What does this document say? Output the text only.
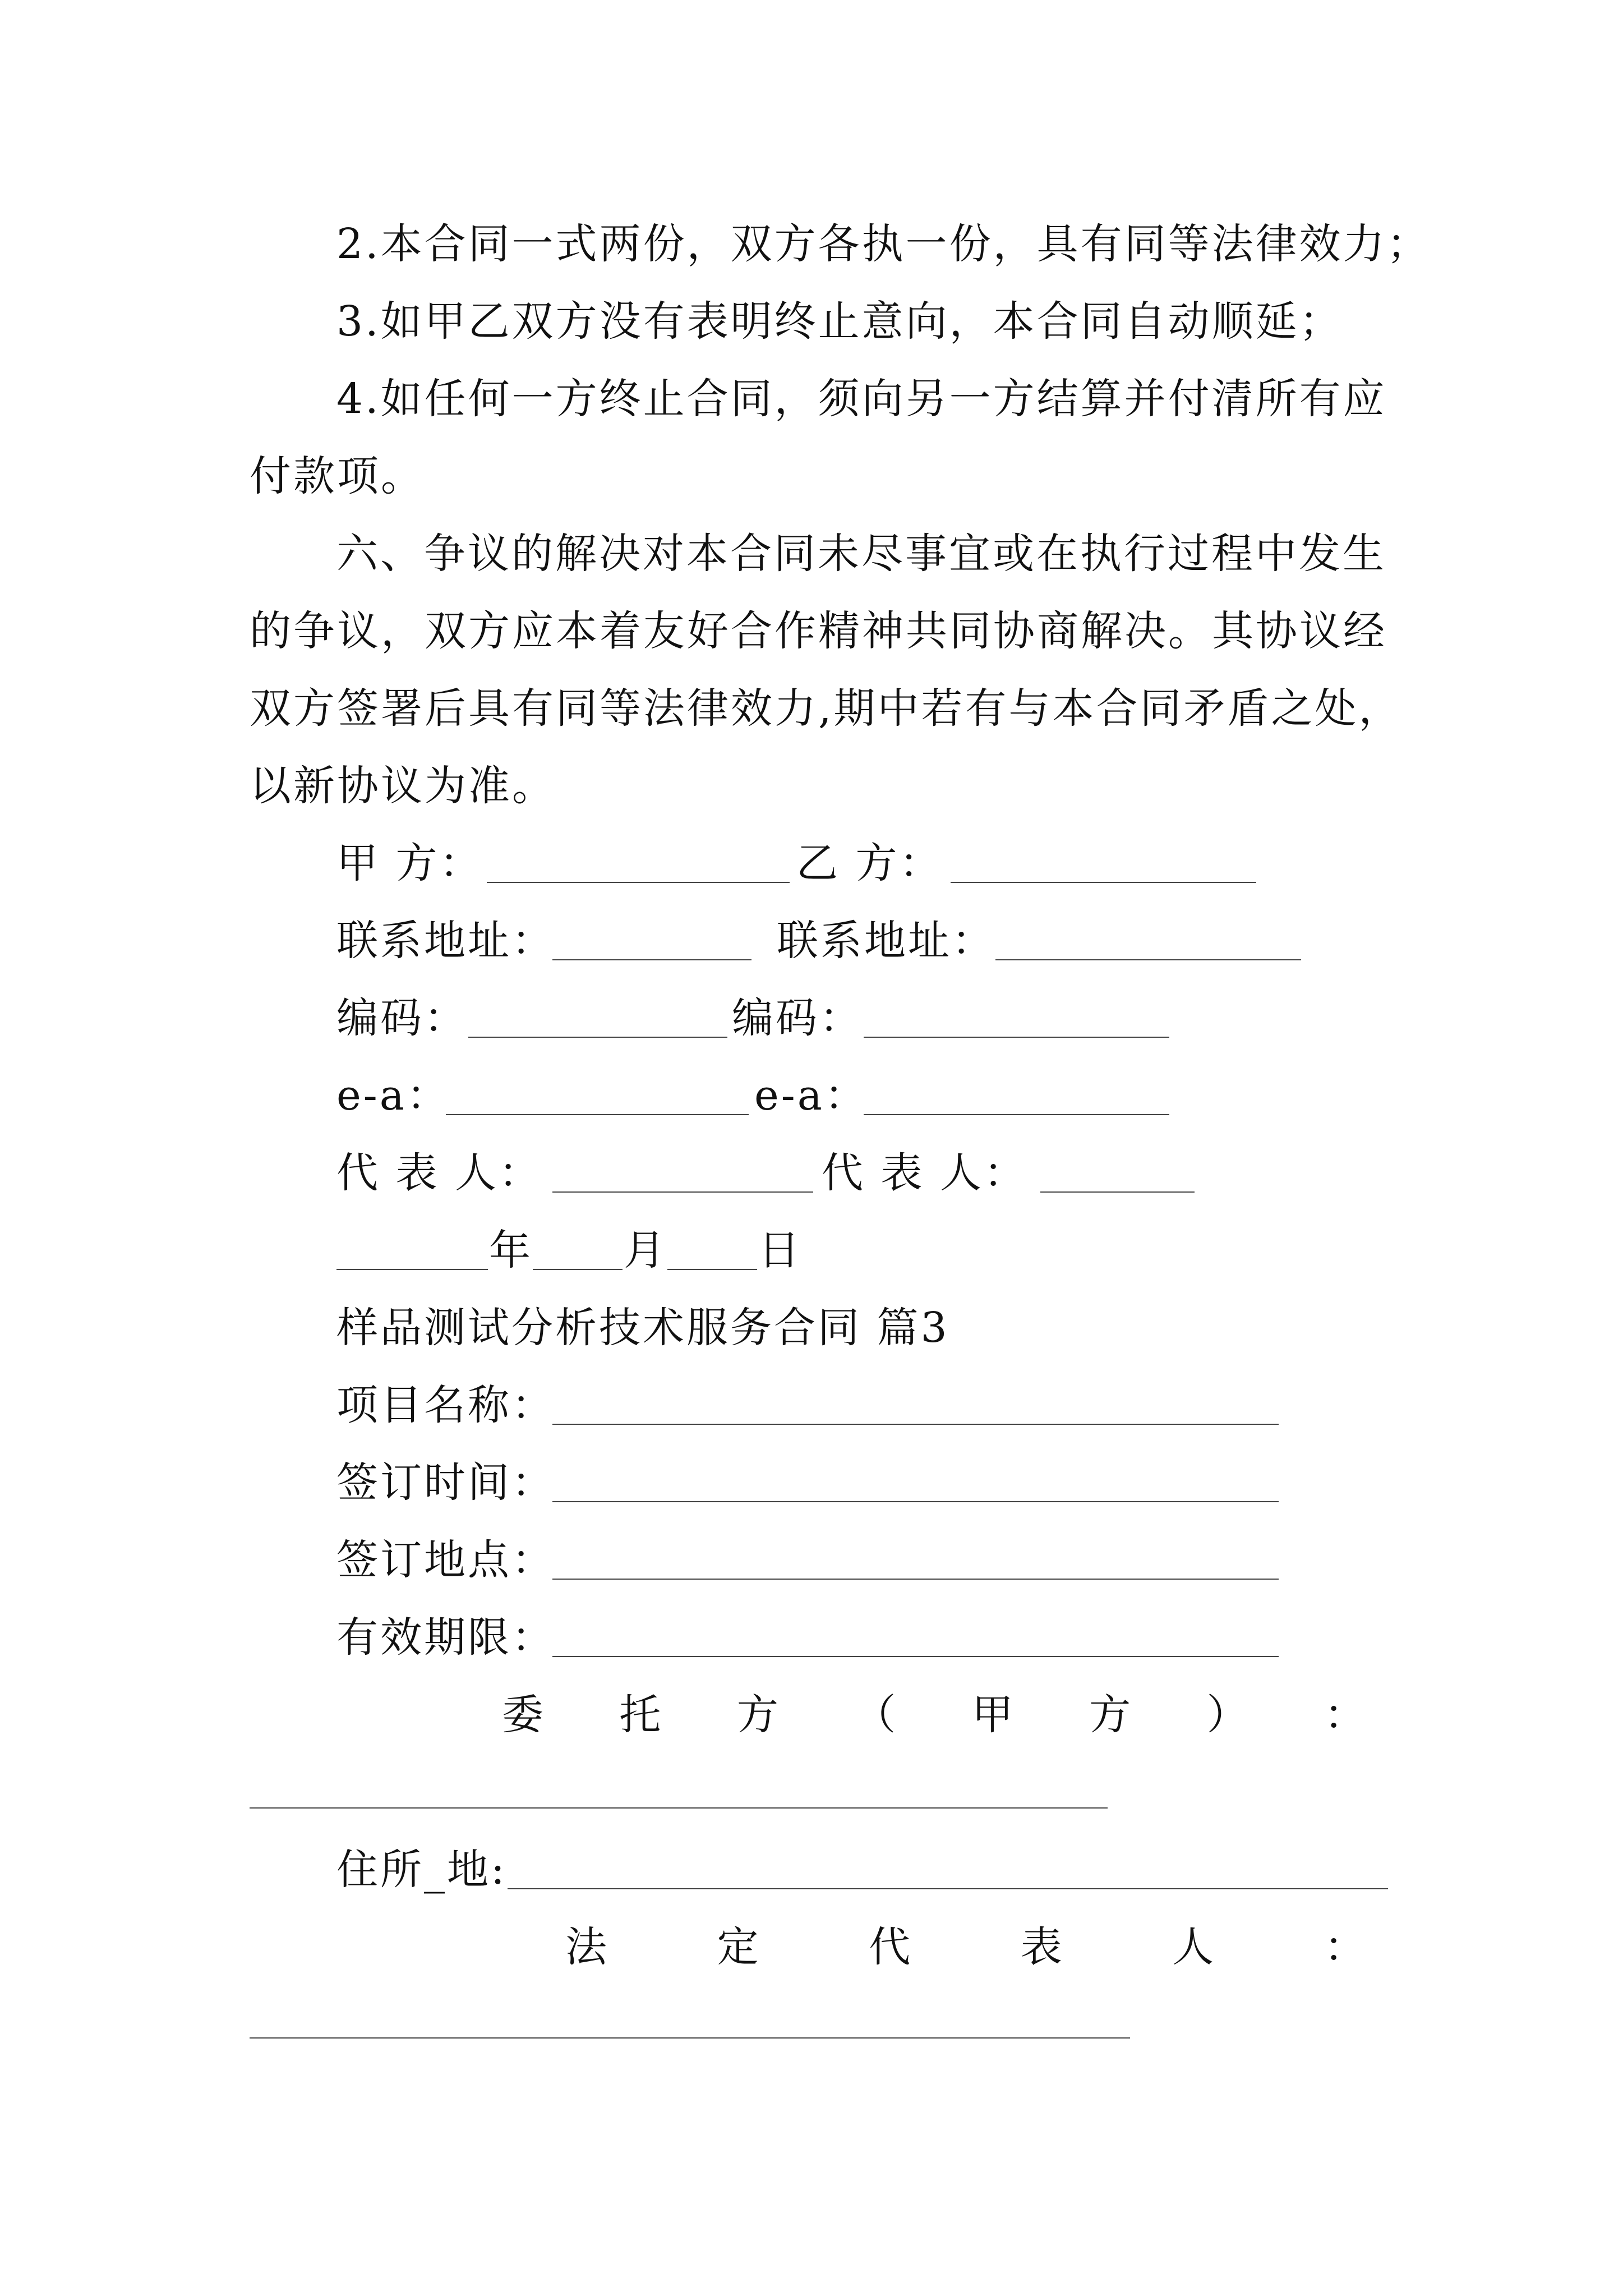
2.本合同一式两份，双方各执一份，具有同等法律效力；
3.如甲乙双方没有表明终止意向，本合同自动顺延；
4.如任何一方终止合同，须向另一方结算并付清所有应
付款项。
六、争议的解决对本合同未尽事宜或在执行过程中发生
的争议，双方应本着友好合作精神共同协商解决。其协议经
双方签署后具有同等法律效力,期中若有与本合同矛盾之处，
以新协议为准。
甲 方：	乙 方：
联系地址：	联系地址：
编码：	编码：
e-a：	e-a：
代 表 人：	代 表 人：
年 月 日
样品测试分析技术服务合同 篇3
项目名称：
签订时间：
签订地点：
有效期限：
委 托 方 （ 甲 方 ） ：
住所_地:
法	定	代	表	人	：
